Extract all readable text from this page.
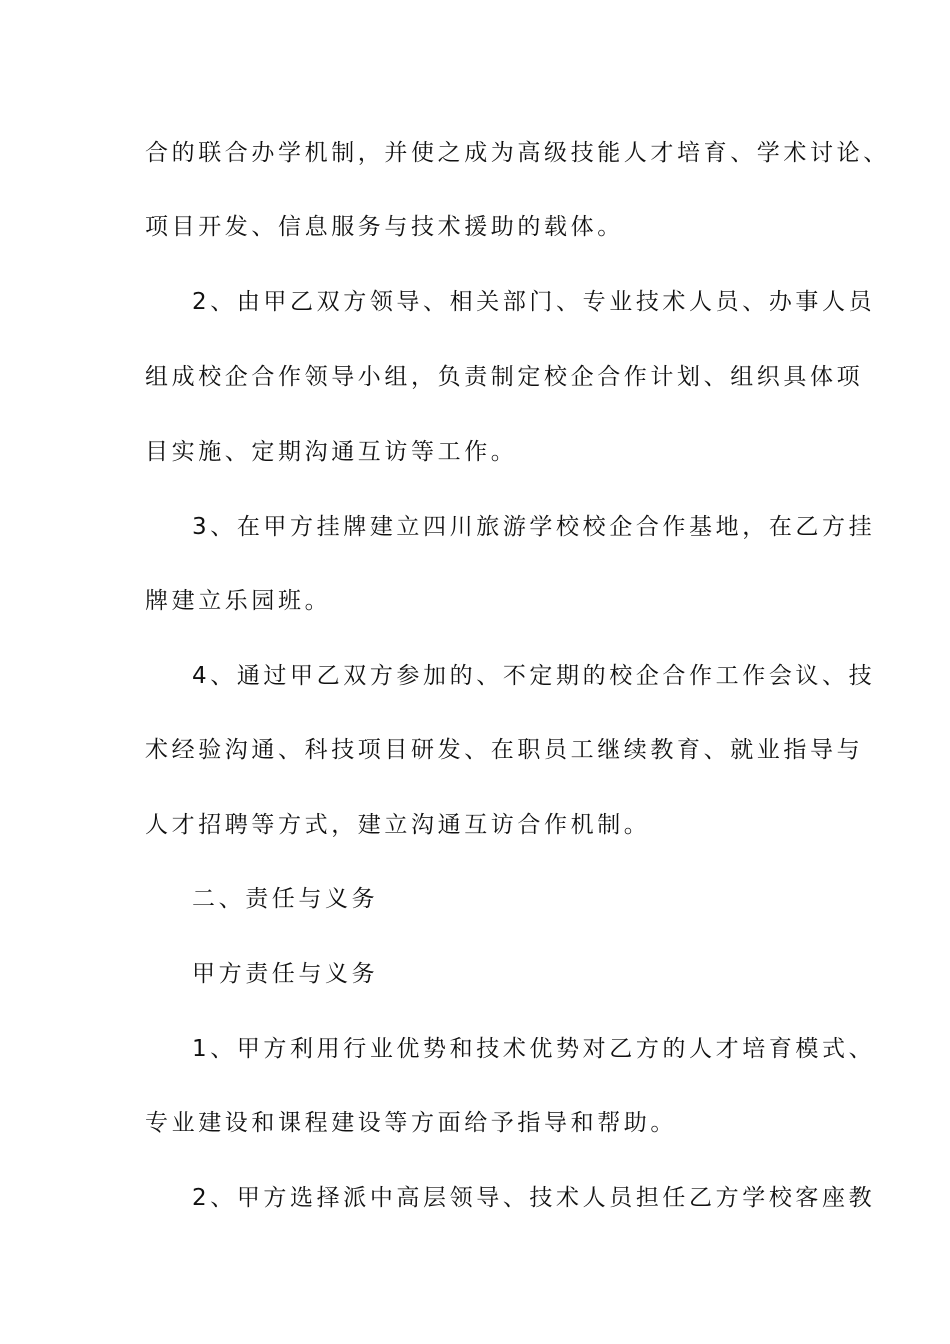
合的联合办学机制，并使之成为高级技能人才培育、学术讨论、
项目开发、信息服务与技术援助的载体。
2、由甲乙双方领导、相关部门、专业技术人员、办事人员
组成校企合作领导小组，负责制定校企合作计划、组织具体项
目实施、定期沟通互访等工作。
3、在甲方挂牌建立四川旅游学校校企合作基地，在乙方挂
牌建立乐园班。
4、通过甲乙双方参加的、不定期的校企合作工作会议、技
术经验沟通、科技项目研发、在职员工继续教育、就业指导与
人才招聘等方式，建立沟通互访合作机制。
二、责任与义务
甲方责任与义务
1、甲方利用行业优势和技术优势对乙方的人才培育模式、
专业建设和课程建设等方面给予指导和帮助。
2、甲方选择派中高层领导、技术人员担任乙方学校客座教
